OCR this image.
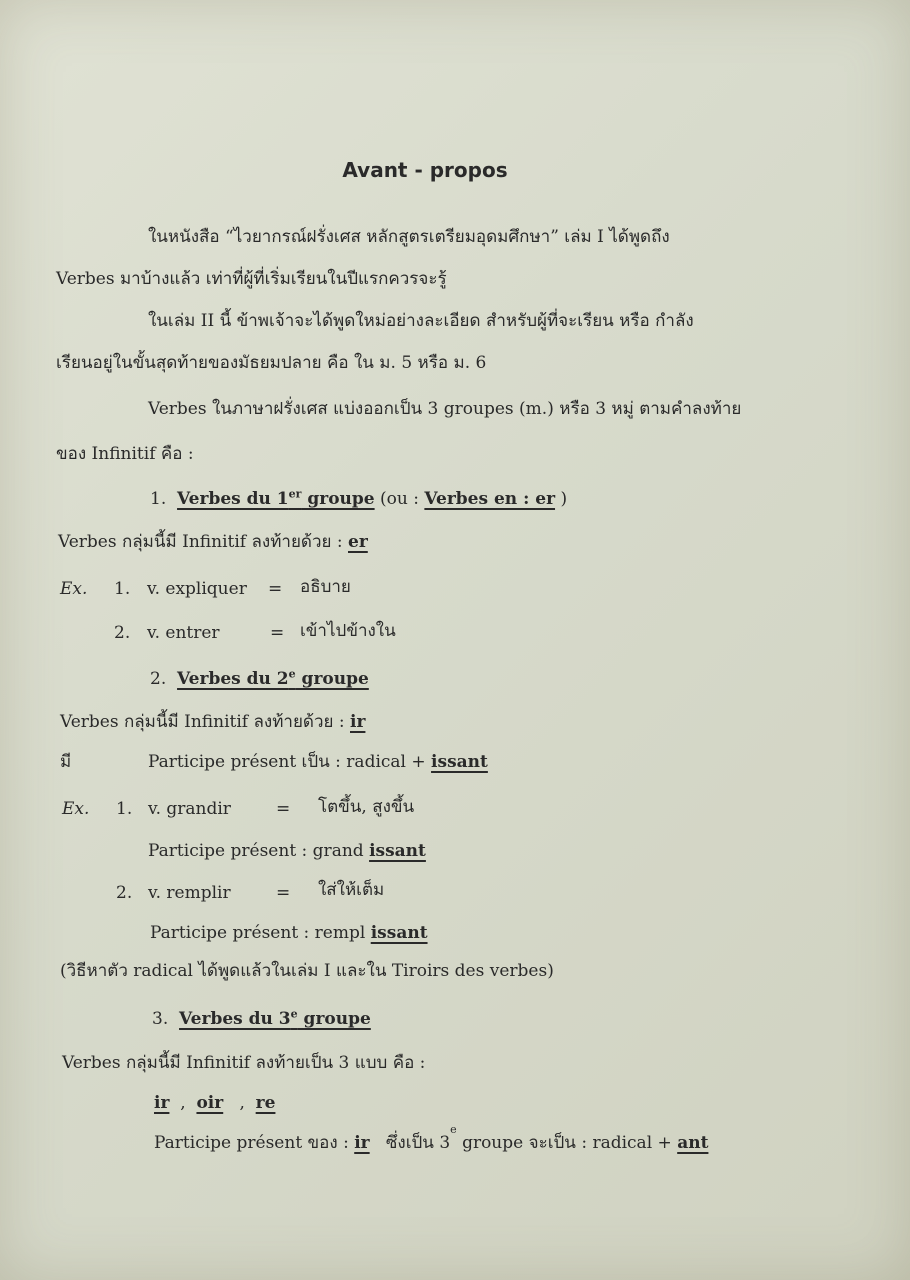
Avant - propos
ในหนังสือ “ไวยากรณ์ฝรั่งเศส หลักสูตรเตรียมอุดมศึกษา” เล่ม I ได้พูดถึง
Verbes มาบ้างแล้ว เท่าที่ผู้ที่เริ่มเรียนในปีแรกควรจะรู้
ในเล่ม II นี้ ข้าพเจ้าจะได้พูดใหม่อย่างละเอียด สำหรับผู้ที่จะเรียน หรือ กำลัง
เรียนอยู่ในขั้นสุดท้ายของมัธยมปลาย คือ ใน ม. 5 หรือ ม. 6
Verbes ในภาษาฝรั่งเศส แบ่งออกเป็น 3 groupes (m.) หรือ 3 หมู่ ตามคำลงท้าย
ของ Infinitif คือ :
1. Verbes du 1er groupe (ou : Verbes en : er )
Verbes กลุ่มนี้มี Infinitif ลงท้ายด้วย : er
Ex. 1. v. expliquer = อธิบาย
2. v. entrer	= เข้าไปข้างใน
2. Verbes du 2e groupe
Verbes กลุ่มนี้มี Infinitif ลงท้ายด้วย : ir
มี	Participe présent เป็น : radical + issant
Ex. 1. v. grandir	= โตขึ้น, สูงขึ้น
Participe présent : grand issant
2. v. remplir	= ใส่ให้เต็ม
Participe présent : rempl issant
(วิธีหาตัว radical ได้พูดแล้วในเล่ม I และใน Tiroirs des verbes)
3. Verbes du 3e groupe
Verbes กลุ่มนี้มี Infinitif ลงท้ายเป็น 3 แบบ คือ :
ir , oir , re
Participe présent ของ : ir ซึ่งเป็น 3e groupe จะเป็น : radical + ant
